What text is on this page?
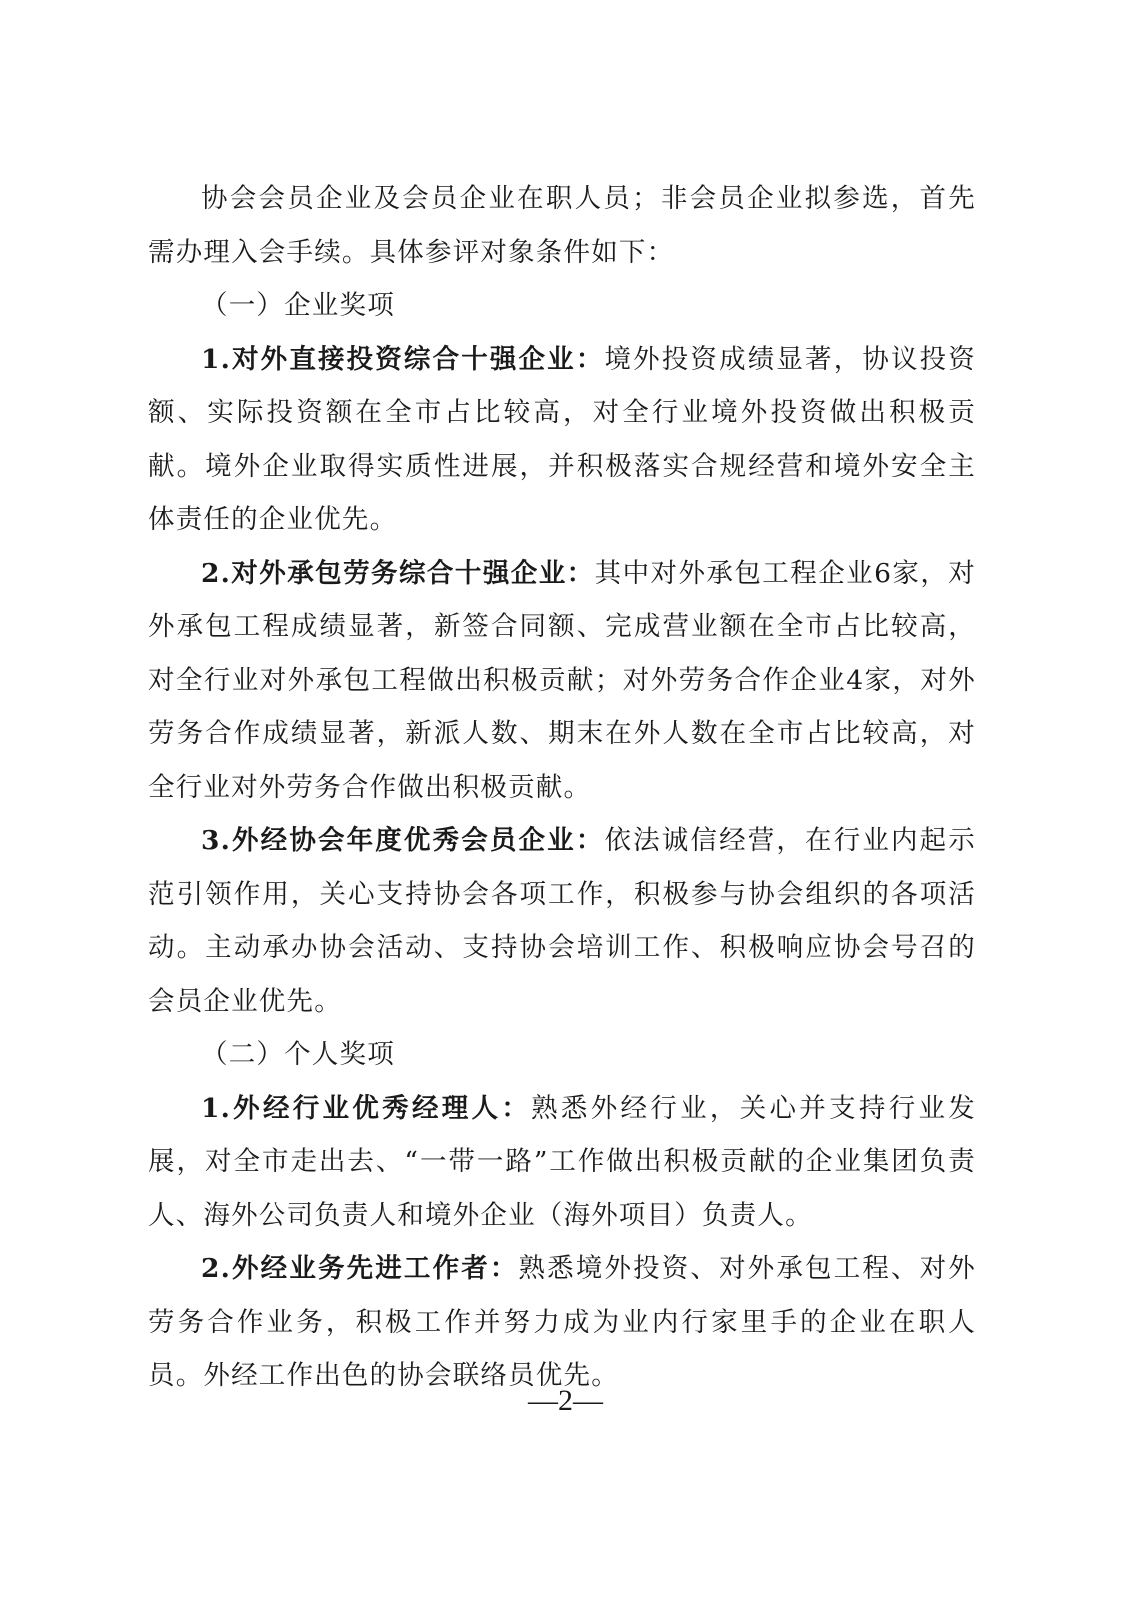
协会会员企业及会员企业在职人员；非会员企业拟参选，首先需办理入会手续。具体参评对象条件如下：

（一）企业奖项

1.对外直接投资综合十强企业：境外投资成绩显著，协议投资额、实际投资额在全市占比较高，对全行业境外投资做出积极贡献。境外企业取得实质性进展，并积极落实合规经营和境外安全主体责任的企业优先。

2.对外承包劳务综合十强企业：其中对外承包工程企业6家，对外承包工程成绩显著，新签合同额、完成营业额在全市占比较高，对全行业对外承包工程做出积极贡献；对外劳务合作企业4家，对外劳务合作成绩显著，新派人数、期末在外人数在全市占比较高，对全行业对外劳务合作做出积极贡献。

3.外经协会年度优秀会员企业：依法诚信经营，在行业内起示范引领作用，关心支持协会各项工作，积极参与协会组织的各项活动。主动承办协会活动、支持协会培训工作、积极响应协会号召的会员企业优先。

（二）个人奖项

1.外经行业优秀经理人：熟悉外经行业，关心并支持行业发展，对全市走出去、“一带一路”工作做出积极贡献的企业集团负责人、海外公司负责人和境外企业（海外项目）负责人。

2.外经业务先进工作者：熟悉境外投资、对外承包工程、对外劳务合作业务，积极工作并努力成为业内行家里手的企业在职人员。外经工作出色的协会联络员优先。

—2—
